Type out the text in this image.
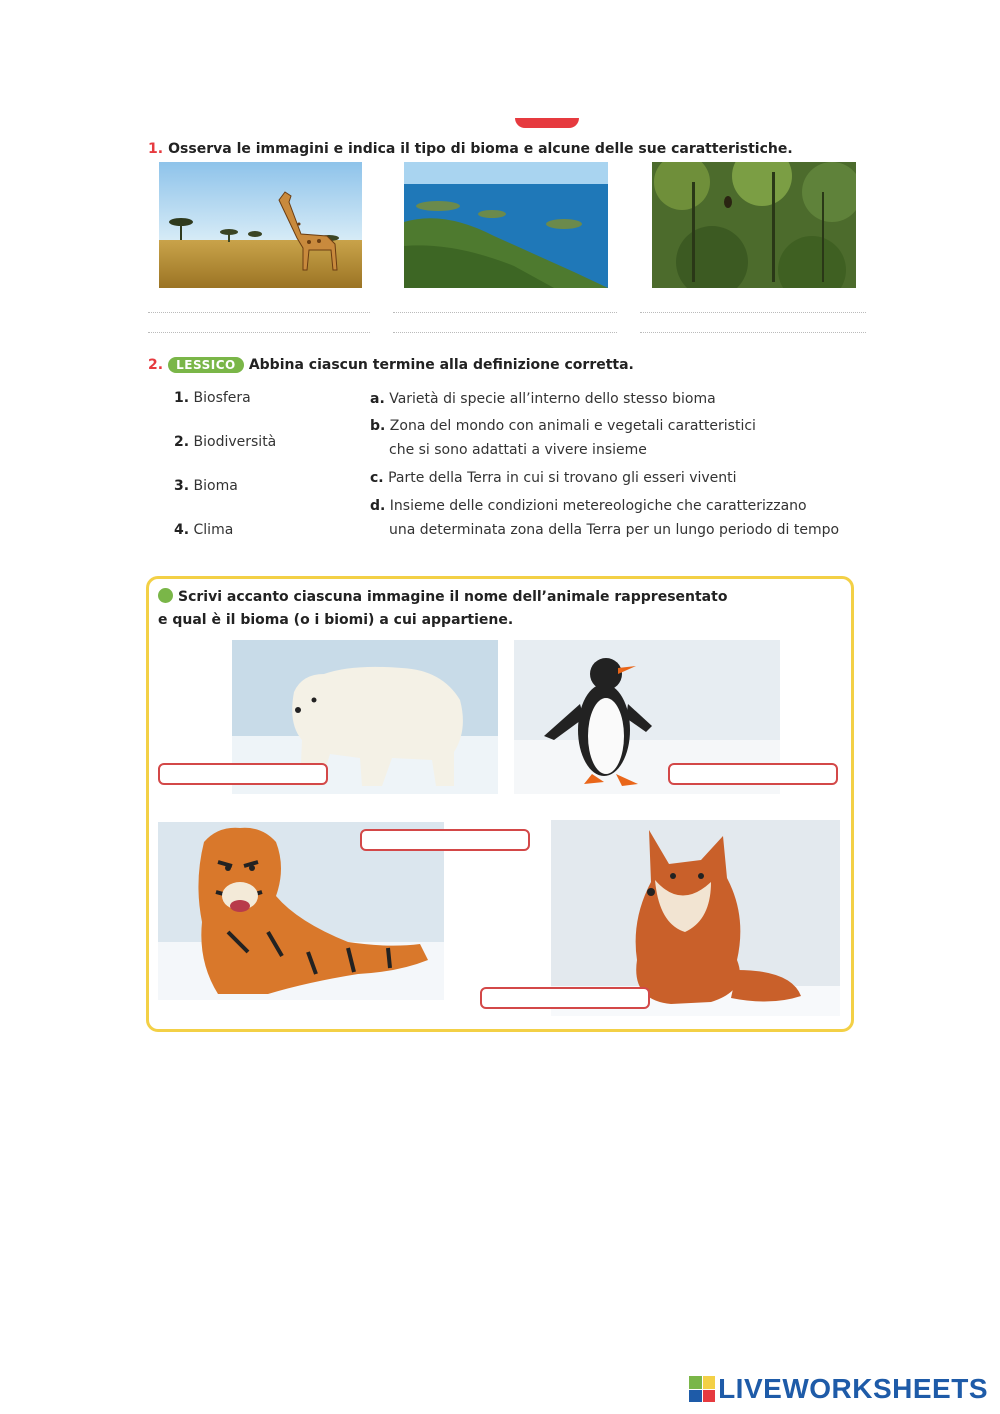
1. Osserva le immagini e indica il tipo di bioma e alcune delle sue caratteristiche.
2. LESSICO Abbina ciascun termine alla definizione corretta.
1. Biosfera
2. Biodiversità
3. Bioma
4. Clima
a. Varietà di specie all’interno dello stesso bioma
b. Zona del mondo con animali e vegetali caratteristici
che si sono adattati a vivere insieme
c. Parte della Terra in cui si trovano gli esseri viventi
d. Insieme delle condizioni metereologiche che caratterizzano
una determinata zona della Terra per un lungo periodo di tempo
Scrivi accanto ciascuna immagine il nome dell’animale rappresentato
e qual è il bioma (o i biomi) a cui appartiene.
LIVEWORKSHEETS
